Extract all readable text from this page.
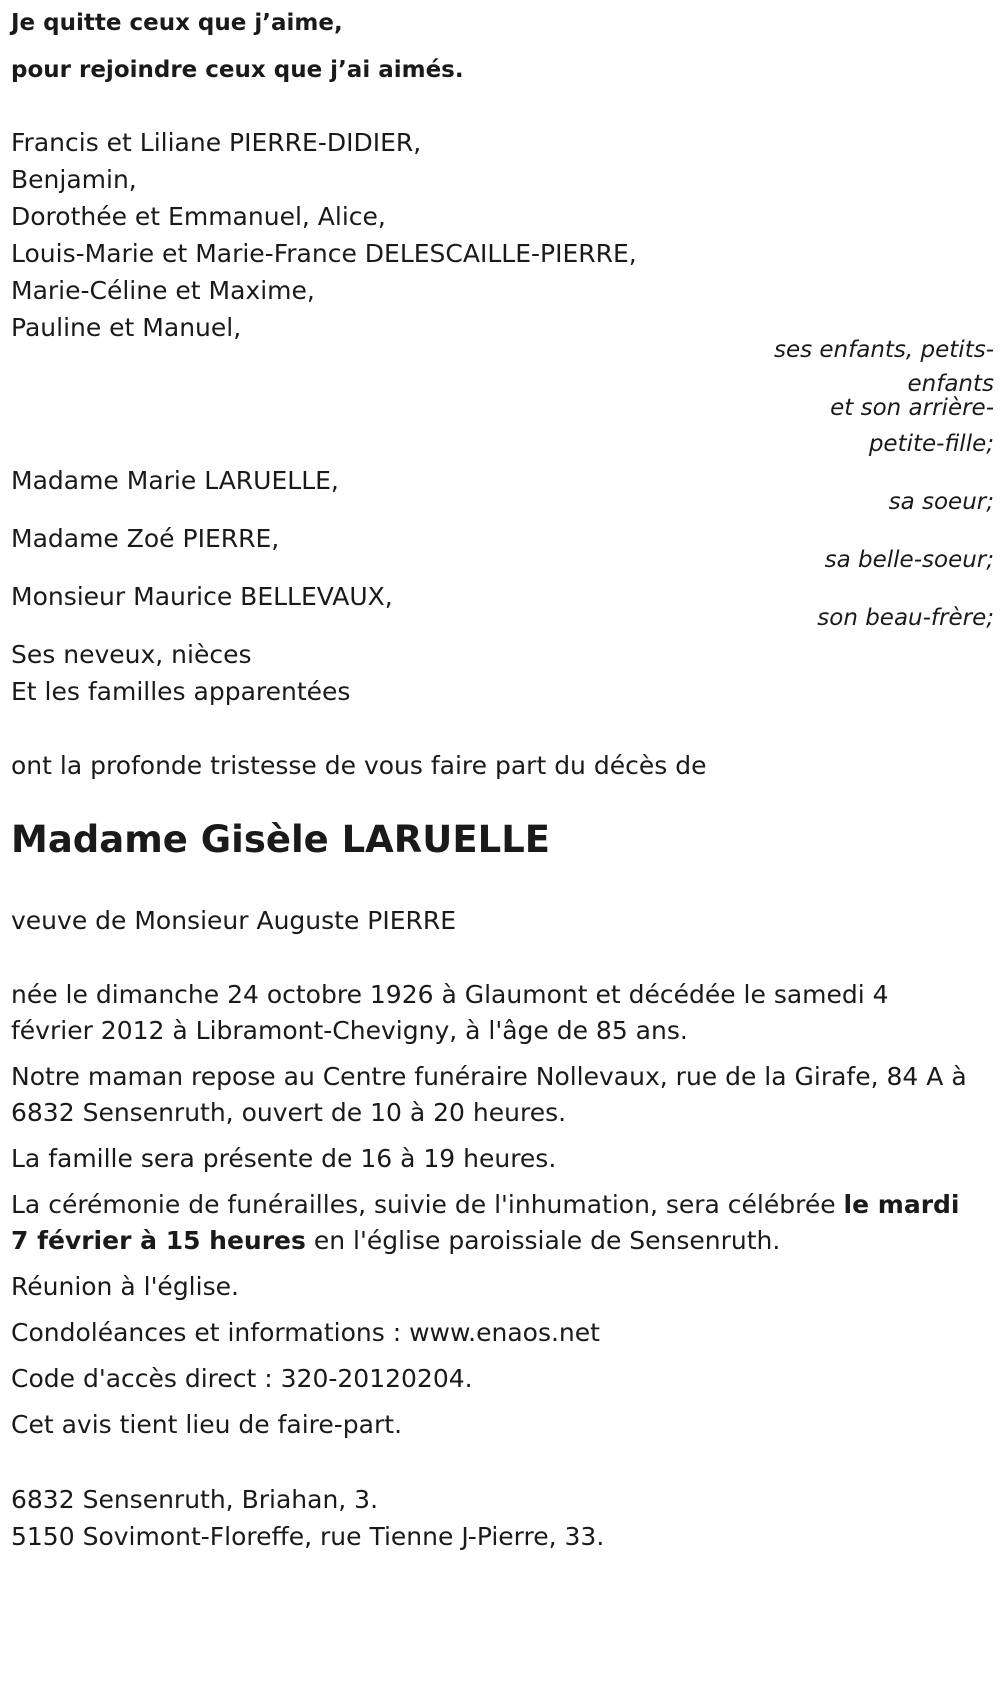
Je quitte ceux que j’aime,
pour rejoindre ceux que j’ai aimés.
Francis et Liliane PIERRE-DIDIER,
Benjamin,
Dorothée et Emmanuel, Alice,
Louis-Marie et Marie-France DELESCAILLE-PIERRE,
Marie-Céline et Maxime,
Pauline et Manuel,
ses enfants, petits-
enfants
et son arrière-
petite-fille;
Madame Marie LARUELLE,
sa soeur;
Madame Zoé PIERRE,
sa belle-soeur;
Monsieur Maurice BELLEVAUX,
son beau-frère;
Ses neveux, nièces
Et les familles apparentées
ont la profonde tristesse de vous faire part du décès de
Madame Gisèle LARUELLE
veuve de Monsieur Auguste PIERRE
née le dimanche 24 octobre 1926 à Glaumont et décédée le samedi 4 février 2012 à Libramont-Chevigny, à l'âge de 85 ans.
Notre maman repose au Centre funéraire Nollevaux, rue de la Girafe, 84 A à 6832 Sensenruth, ouvert de 10 à 20 heures.
La famille sera présente de 16 à 19 heures.
La cérémonie de funérailles, suivie de l'inhumation, sera célébrée le mardi 7 février à 15 heures en l'église paroissiale de Sensenruth.
Réunion à l'église.
Condoléances et informations : www.enaos.net
Code d'accès direct : 320-20120204.
Cet avis tient lieu de faire-part.
6832 Sensenruth, Briahan, 3.
5150 Sovimont-Floreffe, rue Tienne J-Pierre, 33.
